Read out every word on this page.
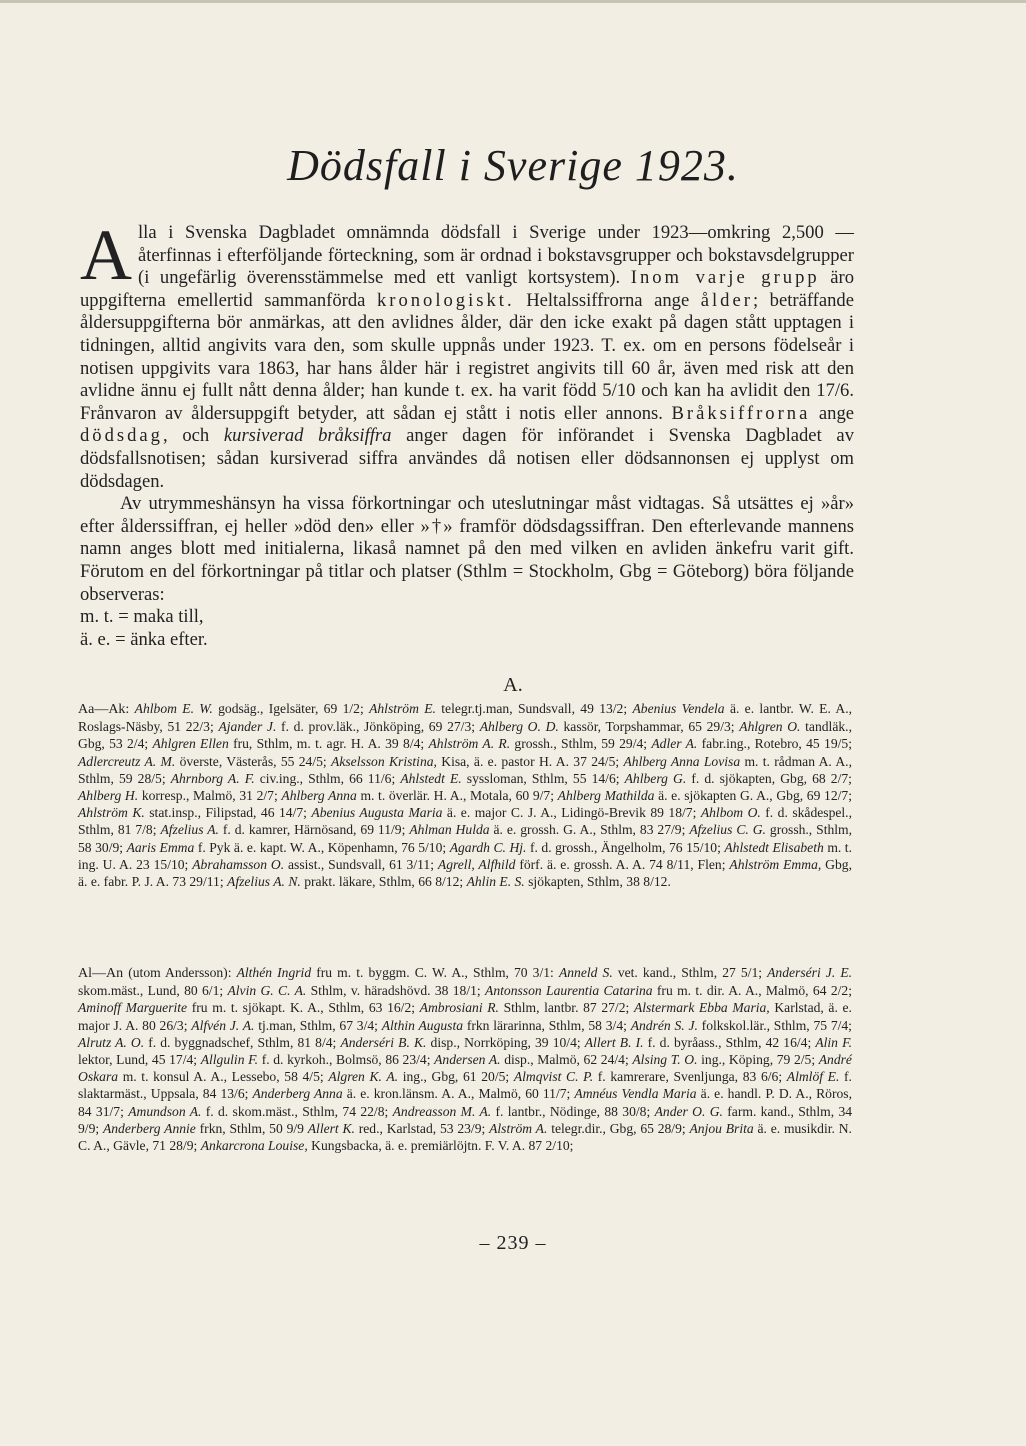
Dödsfall i Sverige 1923.

Alla i Svenska Dagbladet omnämnda dödsfall i Sverige under 1923—omkring 2,500 — återfinnas i efterföljande förteckning, som är ordnad i bokstavsgrupper och bokstavsdelgrupper (i ungefärlig överensstämmelse med ett vanligt kortsystem). Inom varje grupp äro uppgifterna emellertid sammanförda kronologiskt. Heltalssiffrorna ange ålder; beträffande åldersuppgifterna bör anmärkas, att den avlidnes ålder, där den icke exakt på dagen stått upptagen i tidningen, alltid angivits vara den, som skulle uppnås under 1923. T. ex. om en persons födelseår i notisen uppgivits vara 1863, har hans ålder här i registret angivits till 60 år, även med risk att den avlidne ännu ej fullt nått denna ålder; han kunde t. ex. ha varit född 5/10 och kan ha avlidit den 17/6. Frånvaron av åldersuppgift betyder, att sådan ej stått i notis eller annons. Bråksiffrorna ange dödsdag, och kursiverad bråksiffra anger dagen för införandet i Svenska Dagbladet av dödsfallsnotisen; sådan kursiverad siffra användes då notisen eller dödsannonsen ej upplyst om dödsdagen.

Av utrymmeshänsyn ha vissa förkortningar och uteslutningar måst vidtagas. Så utsättes ej »år» efter ålderssiffran, ej heller »död den» eller »†» framför dödsdagssiffran. Den efterlevande mannens namn anges blott med initialerna, likaså namnet på den med vilken en avliden änkefru varit gift. Förutom en del förkortningar på titlar och platser (Sthlm = Stockholm, Gbg = Göteborg) böra följande observeras:

m. t. = maka till,

ä. e. = änka efter.

A.

Aa—Ak: Ahlbom E. W. godsäg., Igelsäter, 69 1/2; Ahlström E. telegr.tj.man, Sundsvall, 49 13/2; Abenius Vendela ä. e. lantbr. W. E. A., Roslags-Näsby, 51 22/3; Ajander J. f. d. prov.läk., Jönköping, 69 27/3; Ahlberg O. D. kassör, Torpshammar, 65 29/3; Ahlgren O. tandläk., Gbg, 53 2/4; Ahlgren Ellen fru, Sthlm, m. t. agr. H. A. 39 8/4; Ahlström A. R. grossh., Sthlm, 59 29/4; Adler A. fabr.ing., Rotebro, 45 19/5; Adlercreutz A. M. överste, Västerås, 55 24/5; Akselsson Kristina, Kisa, ä. e. pastor H. A. 37 24/5; Ahlberg Anna Lovisa m. t. rådman A. A., Sthlm, 59 28/5; Ahrnborg A. F. civ.ing., Sthlm, 66 11/6; Ahlstedt E. syssloman, Sthlm, 55 14/6; Ahlberg G. f. d. sjökapten, Gbg, 68 2/7; Ahlberg H. korresp., Malmö, 31 2/7; Ahlberg Anna m. t. överlär. H. A., Motala, 60 9/7; Ahlberg Mathilda ä. e. sjökapten G. A., Gbg, 69 12/7; Ahlström K. stat.insp., Filipstad, 46 14/7; Abenius Augusta Maria ä. e. major C. J. A., Lidingö-Brevik 89 18/7; Ahlbom O. f. d. skådespel., Sthlm, 81 7/8; Afzelius A. f. d. kamrer, Härnösand, 69 11/9; Ahlman Hulda ä. e. grossh. G. A., Sthlm, 83 27/9; Afzelius C. G. grossh., Sthlm, 58 30/9; Aaris Emma f. Pyk ä. e. kapt. W. A., Köpenhamn, 76 5/10; Agardh C. Hj. f. d. grossh., Ängelholm, 76 15/10; Ahlstedt Elisabeth m. t. ing. U. A. 23 15/10; Abrahamsson O. assist., Sundsvall, 61 3/11; Agrell, Alfhild förf. ä. e. grossh. A. A. 74 8/11, Flen; Ahlström Emma, Gbg, ä. e. fabr. P. J. A. 73 29/11; Afzelius A. N. prakt. läkare, Sthlm, 66 8/12; Ahlin E. S. sjökapten, Sthlm, 38 8/12.

Al—An (utom Andersson): Althén Ingrid fru m. t. byggm. C. W. A., Sthlm, 70 3/1: Anneld S. vet. kand., Sthlm, 27 5/1; Anderséri J. E. skom.mäst., Lund, 80 6/1; Alvin G. C. A. Sthlm, v. häradshövd. 38 18/1; Antonsson Laurentia Catarina fru m. t. dir. A. A., Malmö, 64 2/2; Aminoff Marguerite fru m. t. sjökapt. K. A., Sthlm, 63 16/2; Ambrosiani R. Sthlm, lantbr. 87 27/2; Alstermark Ebba Maria, Karlstad, ä. e. major J. A. 80 26/3; Alfvén J. A. tj.man, Sthlm, 67 3/4; Althin Augusta frkn lärarinna, Sthlm, 58 3/4; Andrén S. J. folkskol.lär., Sthlm, 75 7/4; Alrutz A. O. f. d. byggnadschef, Sthlm, 81 8/4; Anderséri B. K. disp., Norrköping, 39 10/4; Allert B. I. f. d. byråass., Sthlm, 42 16/4; Alin F. lektor, Lund, 45 17/4; Allgulin F. f. d. kyrkoh., Bolmsö, 86 23/4; Andersen A. disp., Malmö, 62 24/4; Alsing T. O. ing., Köping, 79 2/5; André Oskara m. t. konsul A. A., Lessebo, 58 4/5; Algren K. A. ing., Gbg, 61 20/5; Almqvist C. P. f. kamrerare, Svenljunga, 83 6/6; Almlöf E. f. slaktarmäst., Uppsala, 84 13/6; Anderberg Anna ä. e. kron.länsm. A. A., Malmö, 60 11/7; Amnéus Vendla Maria ä. e. handl. P. D. A., Röros, 84 31/7; Amundson A. f. d. skom.mäst., Sthlm, 74 22/8; Andreasson M. A. f. lantbr., Nödinge, 88 30/8; Ander O. G. farm. kand., Sthlm, 34 9/9; Anderberg Annie frkn, Sthlm, 50 9/9 Allert K. red., Karlstad, 53 23/9; Alström A. telegr.dir., Gbg, 65 28/9; Anjou Brita ä. e. musikdir. N. C. A., Gävle, 71 28/9; Ankarcrona Louise, Kungsbacka, ä. e. premiärlöjtn. F. V. A. 87 2/10;

– 239 –
